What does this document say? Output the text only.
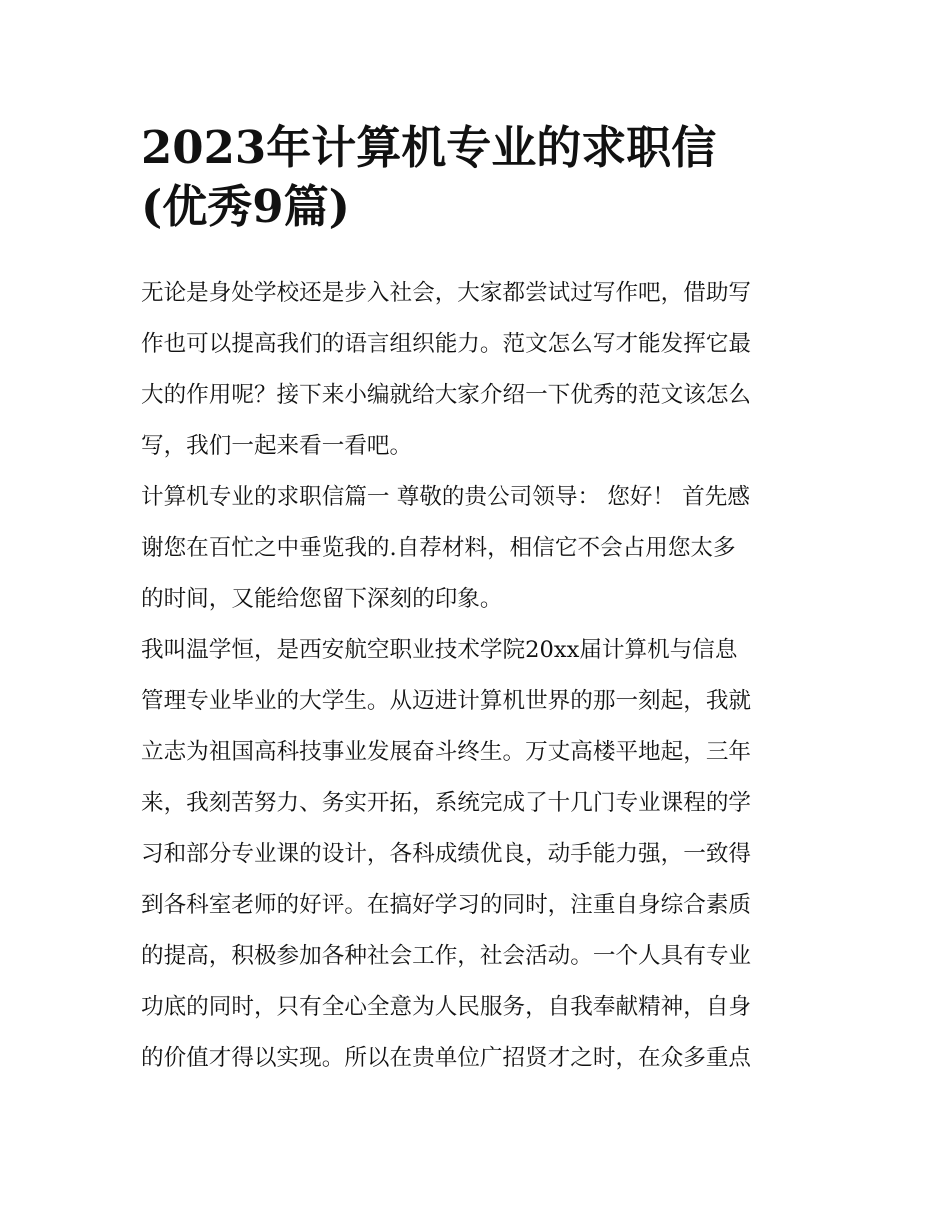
2023年计算机专业的求职信
(优秀9篇)

无论是身处学校还是步入社会，大家都尝试过写作吧，借助写
作也可以提高我们的语言组织能力。范文怎么写才能发挥它最
大的作用呢？接下来小编就给大家介绍一下优秀的范文该怎么
写，我们一起来看一看吧。

计算机专业的求职信篇一 尊敬的贵公司领导： 您好！ 首先感
谢您在百忙之中垂览我的.自荐材料，相信它不会占用您太多
的时间，又能给您留下深刻的印象。

我叫温学恒，是西安航空职业技术学院20xx届计算机与信息
管理专业毕业的大学生。从迈进计算机世界的那一刻起，我就
立志为祖国高科技事业发展奋斗终生。万丈高楼平地起，三年
来，我刻苦努力、务实开拓，系统完成了十几门专业课程的学
习和部分专业课的设计，各科成绩优良，动手能力强，一致得
到各科室老师的好评。在搞好学习的同时，注重自身综合素质
的提高，积极参加各种社会工作，社会活动。一个人具有专业
功底的同时，只有全心全意为人民服务，自我奉献精神，自身
的价值才得以实现。所以在贵单位广招贤才之时，在众多重点
